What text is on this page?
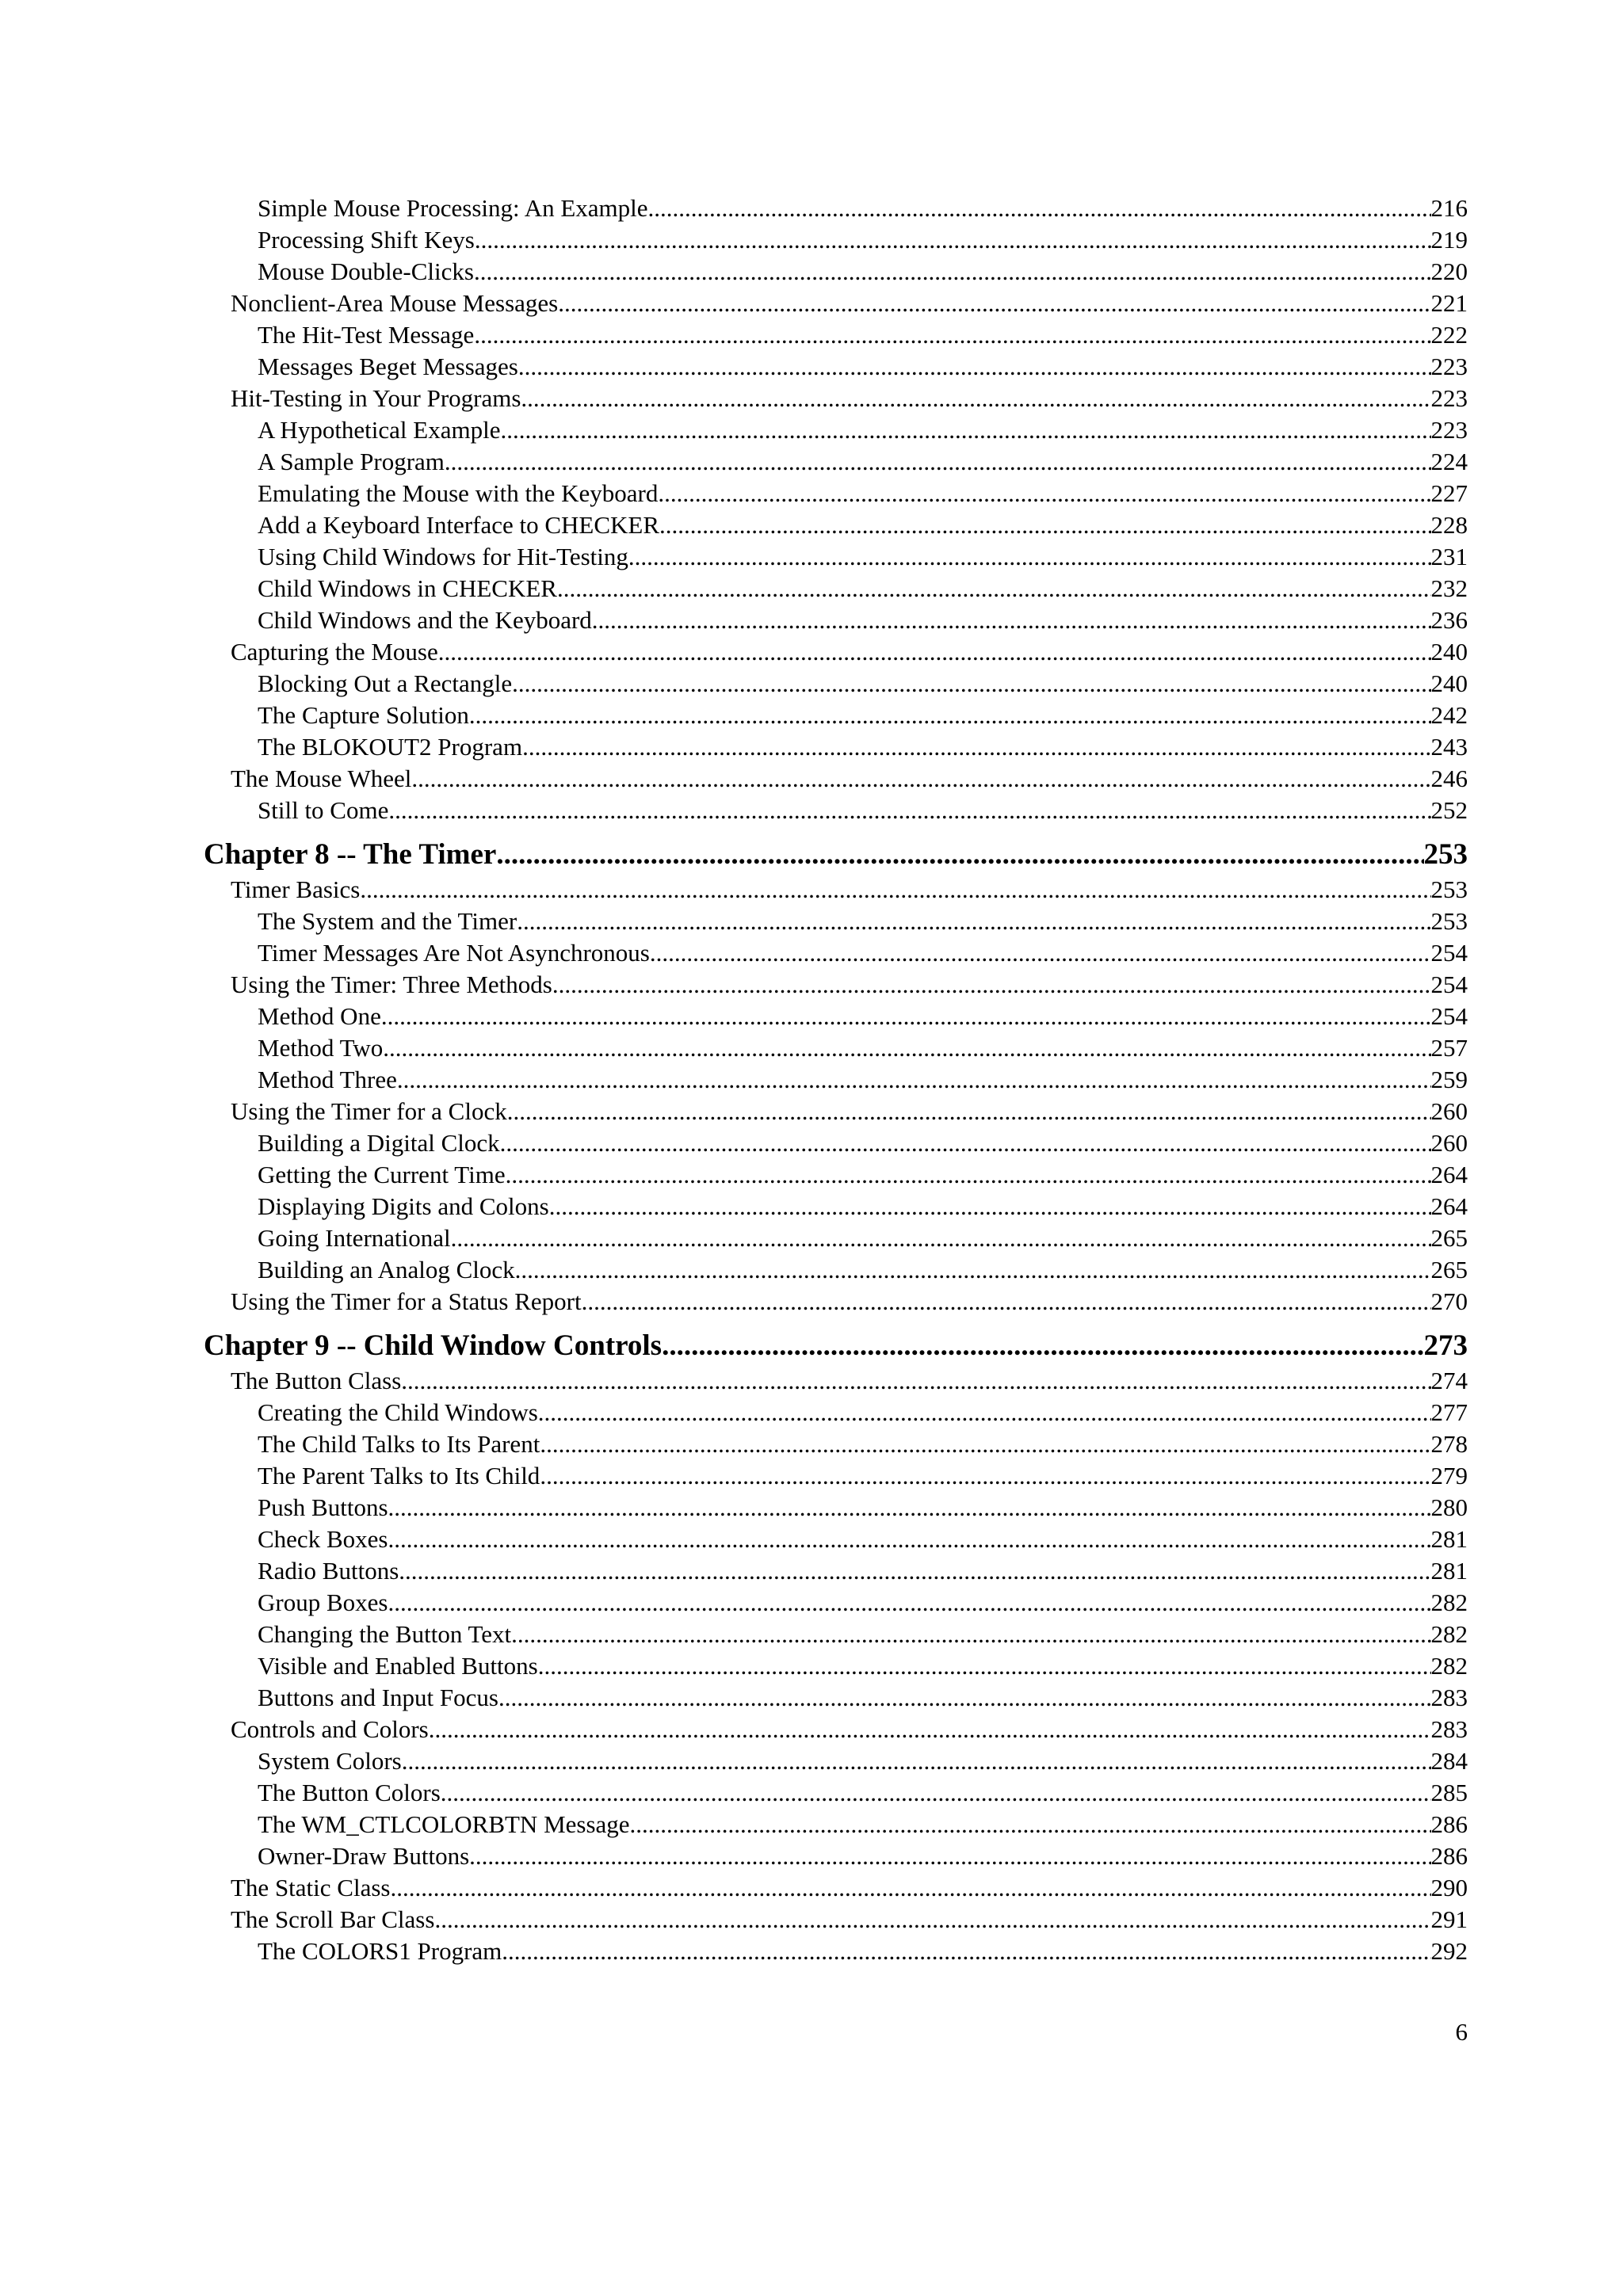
Simple Mouse Processing: An Example .....	216
Processing Shift Keys .....	219
Mouse Double-Clicks .....	220
Nonclient-Area Mouse Messages .....	221
The Hit-Test Message .....	222
Messages Beget Messages .....	223
Hit-Testing in Your Programs .....	223
A Hypothetical Example .....	223
A Sample Program .....	224
Emulating the Mouse with the Keyboard .....	227
Add a Keyboard Interface to CHECKER .....	228
Using Child Windows for Hit-Testing .....	231
Child Windows in CHECKER .....	232
Child Windows and the Keyboard .....	236
Capturing the Mouse .....	240
Blocking Out a Rectangle .....	240
The Capture Solution .....	242
The BLOKOUT2 Program .....	243
The Mouse Wheel .....	246
Still to Come .....	252
Chapter 8 -- The Timer .....	253
Timer Basics .....	253
The System and the Timer .....	253
Timer Messages Are Not Asynchronous .....	254
Using the Timer: Three Methods .....	254
Method One .....	254
Method Two .....	257
Method Three .....	259
Using the Timer for a Clock .....	260
Building a Digital Clock .....	260
Getting the Current Time .....	264
Displaying Digits and Colons .....	264
Going International .....	265
Building an Analog Clock .....	265
Using the Timer for a Status Report .....	270
Chapter 9 -- Child Window Controls .....	273
The Button Class .....	274
Creating the Child Windows .....	277
The Child Talks to Its Parent .....	278
The Parent Talks to Its Child .....	279
Push Buttons .....	280
Check Boxes .....	281
Radio Buttons .....	281
Group Boxes .....	282
Changing the Button Text .....	282
Visible and Enabled Buttons .....	282
Buttons and Input Focus .....	283
Controls and Colors .....	283
System Colors .....	284
The Button Colors .....	285
The WM_CTLCOLORBTN Message .....	286
Owner-Draw Buttons .....	286
The Static Class .....	290
The Scroll Bar Class .....	291
The COLORS1 Program .....	292
6
